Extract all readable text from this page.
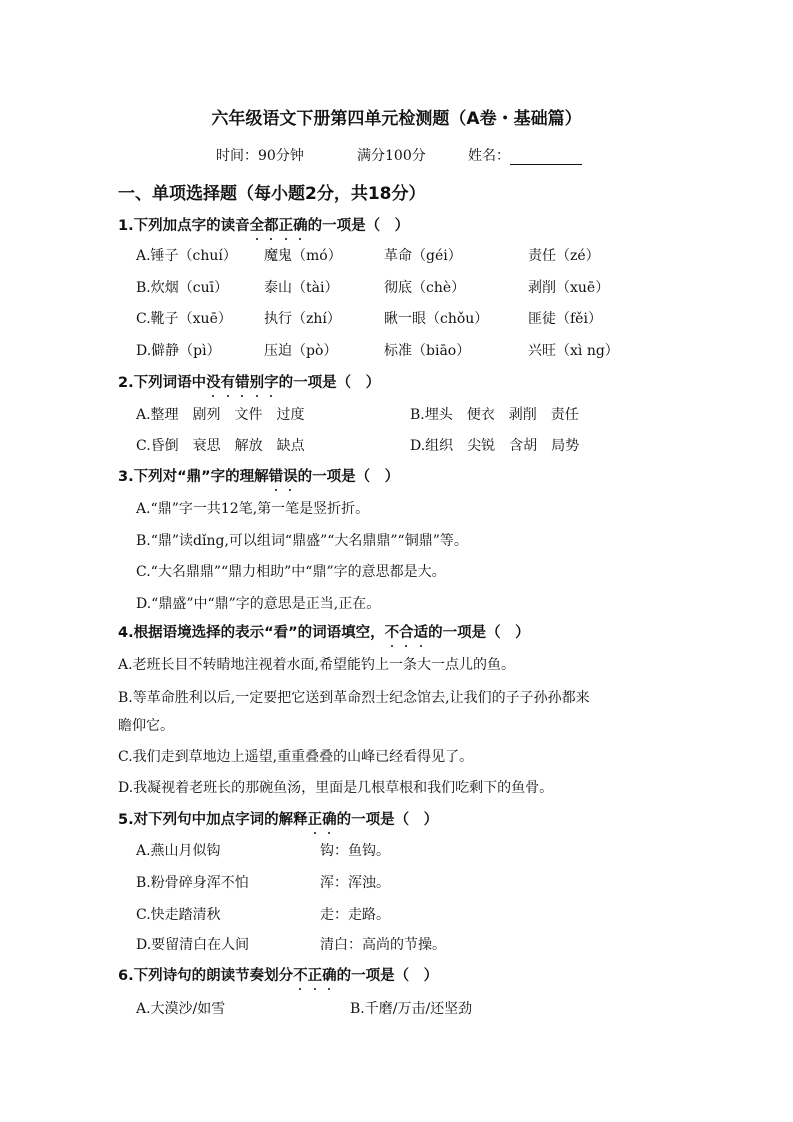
六年级语文下册第四单元检测题（A卷・基础篇）
时间：90分钟	满分100分	姓名：
一、单项选择题（每小题2分，共18分）
1.下列加点字的读音全都正确的一项是（　）
A.锤子（chuí） 魔鬼（mó）	革命（géi）	责任（zé）
B.炊烟（cuī）	泰山（tài）	彻底（chè）	剥削（xuē）
C.靴子（xuē） 执行（zhí）	瞅一眼（chǒu）	匪徒（fěi）
D.僻静（pì）	压迫（pò）	标准（biāo）	兴旺（xì ng）
2.下列词语中没有错别字的一项是（　）
A.整理　剧列　文件　过度	B.埋头　便衣　剥削　责任
C.昏倒　衰思　解放　缺点	D.组织　尖锐　含胡　局势
3.下列对“鼎”字的理解错误的一项是（　）
A.“鼎”字一共12笔,第一笔是竖折折。
B.“鼎”读dǐng,可以组词“鼎盛”“大名鼎鼎”“铜鼎”等。
C.“大名鼎鼎”“鼎力相助”中“鼎”字的意思都是大。
D.“鼎盛”中“鼎”字的意思是正当,正在。
4.根据语境选择的表示“看”的词语填空，不合适的一项是（　）
A.老班长目不转睛地注视着水面,希望能钓上一条大一点儿的鱼。
B.等革命胜利以后,一定要把它送到革命烈士纪念馆去,让我们的子子孙孙都来
瞻仰它。
C.我们走到草地边上遥望,重重叠叠的山峰已经看得见了。
D.我凝视着老班长的那碗鱼汤，里面是几根草根和我们吃剩下的鱼骨。
5.对下列句中加点字词的解释正确的一项是（　）
A.燕山月似钩	钩：鱼钩。
B.粉骨碎身浑不怕	浑：浑浊。
C.快走踏清秋	走：走路。
D.要留清白在人间	清白：高尚的节操。
6.下列诗句的朗读节奏划分不正确的一项是（　）
A.大漠沙/如雪	B.千磨/万击/还坚劲
